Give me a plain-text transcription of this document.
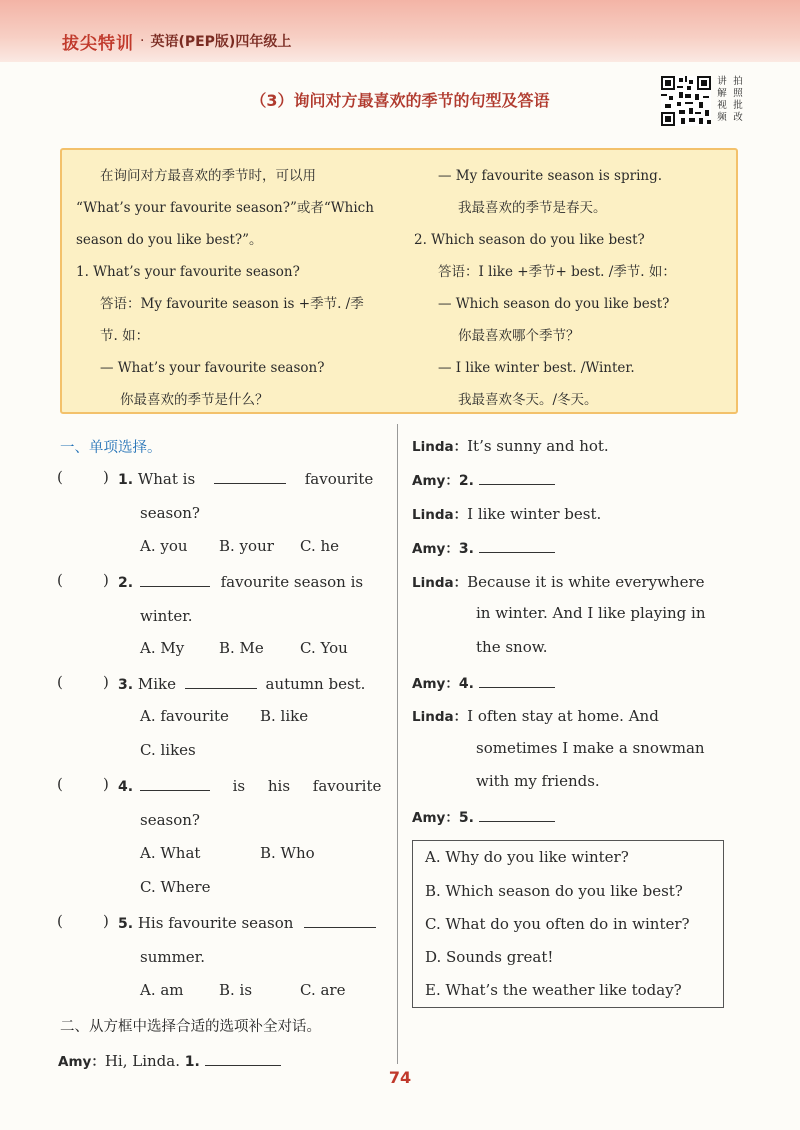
拔尖特训 · 英语(PEP版)四年级上
（3）询问对方最喜欢的季节的句型及答语
讲 拍
解 照
视 批
频 改
在询问对方最喜欢的季节时，可以用
“What’s your favourite season?”或者“Which
season do you like best?”。
1. What’s your favourite season?
答语：My favourite season is +季节. /季
节. 如：
— What’s your favourite season?
你最喜欢的季节是什么？
— My favourite season is spring.
我最喜欢的季节是春天。
2. Which season do you like best?
答语：I like +季节+ best. /季节. 如：
— Which season do you like best?
你最喜欢哪个季节？
— I like winter best. /Winter.
我最喜欢冬天。/冬天。
一、单项选择。
(	) 1. What is	favourite
season?
A. you B. your C. he
(	) 2.	favourite season is
winter.
A. My B. Me C. You
(	) 3. Mike	autumn best.
A. favourite B. like
C. likes
(	) 4.	is his favourite
season?
A. What	B. Who
C. Where
(	) 5. His favourite season
summer.
A. am B. is	C. are
二、从方框中选择合适的选项补全对话。
Amy：Hi, Linda. 1.
Linda：It’s sunny and hot.
Amy：2.
Linda：I like winter best.
Amy：3.
Linda：Because it is white everywhere
in winter. And I like playing in
the snow.
Amy：4.
Linda：I often stay at home. And
sometimes I make a snowman
with my friends.
Amy：5.
A. Why do you like winter?
B. Which season do you like best?
C. What do you often do in winter?
D. Sounds great!
E. What’s the weather like today?
74
